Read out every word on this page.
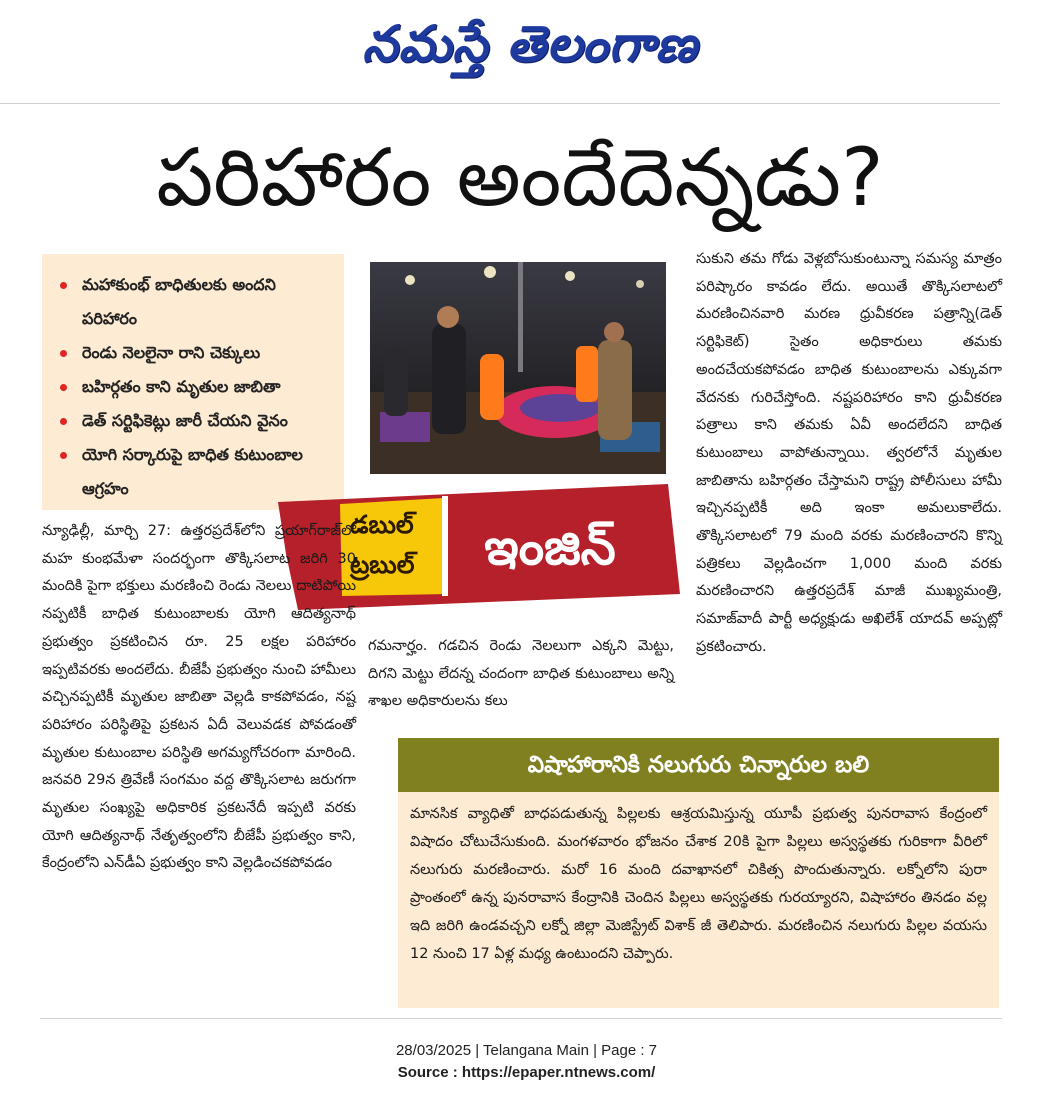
నమస్తే తెలంగాణ
పరిహారం అందేదెన్నడు?
మహాకుంభ్ బాధితులకు అందని పరిహారం
రెండు నెలలైనా రాని చెక్కులు
బహిర్గతం కాని మృతుల జాబితా
డెత్ సర్టిఫికెట్లు జారీ చేయని వైనం
యోగి సర్కారుపై బాధిత కుటుంబాల ఆగ్రహం
డబుల్
ట్రబుల్	ఇంజిన్
న్యూఢిల్లీ, మార్చి 27: ఉత్తరప్రదేశ్‌లోని ప్రయాగ్‌రాజ్‌లో మహ కుంభమేళా సందర్భంగా తొక్కిసలాట జరిగి 30 మందికి పైగా భక్తులు మరణించి రెండు నెలలు దాటిపోయి నప్పటికీ బాధిత కుటుంబాలకు యోగి ఆదిత్యనాథ్ ప్రభుత్వం ప్రకటించిన రూ. 25 లక్షల పరిహారం ఇప్పటివరకు అందలేదు. బీజేపీ ప్రభుత్వం నుంచి హామీలు వచ్చినప్పటికీ మృతుల జాబితా వెల్లడి కాకపోవడం, నష్ట పరిహారం పరిస్థితిపై ప్రకటన ఏదీ వెలువడక పోవడంతో మృతుల కుటుంబాల పరిస్థితి అగమ్యగోచరంగా మారింది. జనవరి 29న త్రివేణీ సంగమం వద్ద తొక్కిసలాట జరుగగా మృతుల సంఖ్యపై అధికారిక ప్రకటనేదీ ఇప్పటి వరకు యోగి ఆదిత్యనాథ్ నేతృత్వంలోని బీజేపీ ప్రభుత్వం కాని, కేంద్రంలోని ఎన్‌డీఏ ప్రభుత్వం కాని వెల్లడించకపోవడం
గమనార్హం. గడచిన రెండు నెలలుగా ఎక్కని మెట్టు, దిగని మెట్టు లేదన్న చందంగా బాధిత కుటుంబాలు అన్ని శాఖల అధికారులను కలు
సుకుని తమ గోడు వెళ్లబోసుకుంటున్నా సమస్య మాత్రం పరిష్కారం కావడం లేదు. అయితే తొక్కిసలాటలో మరణించినవారి మరణ ధ్రువీకరణ పత్రాన్ని(డెత్ సర్టిఫికెట్) సైతం అధికారులు తమకు అందచేయకపోవడం బాధిత కుటుంబాలను ఎక్కువగా వేదనకు గురిచేస్తోంది. నష్టపరిహారం కాని ధ్రువీకరణ పత్రాలు కాని తమకు ఏవీ అందలేదని బాధిత కుటుంబాలు వాపోతున్నాయి. త్వరలోనే మృతుల జాబితాను బహిర్గతం చేస్తామని రాష్ట్ర పోలీసులు హామీ ఇచ్చినప్పటికీ అది ఇంకా అమలుకాలేదు. తొక్కిసలాటలో 79 మంది వరకు మరణించారని కొన్ని పత్రికలు వెల్లడించగా 1,000 మంది వరకు మరణించారని ఉత్తరప్రదేశ్ మాజీ ముఖ్యమంత్రి, సమాజ్‌వాదీ పార్టీ అధ్యక్షుడు అఖిలేశ్ యాదవ్ అప్పట్లో ప్రకటించారు.
విషాహారానికి నలుగురు చిన్నారుల బలి

మానసిక వ్యాధితో బాధపడుతున్న పిల్లలకు ఆశ్రయమిస్తున్న యూపీ ప్రభుత్వ పునరావాస కేంద్రంలో విషాదం చోటుచేసుకుంది. మంగళవారం భోజనం చేశాక 20కి పైగా పిల్లలు అస్వస్థతకు గురికాగా వీరిలో నలుగురు మరణించారు. మరో 16 మంది దవాఖానలో చికిత్స పొందుతున్నారు. లక్నోలోని పురా ప్రాంతంలో ఉన్న పునరావాస కేంద్రానికి చెందిన పిల్లలు అస్వస్థతకు గురయ్యారని, విషాహారం తినడం వల్ల ఇది జరిగి ఉండవచ్చని లక్నో జిల్లా మెజిస్ట్రేట్ విశాక్ జీ తెలిపారు. మరణించిన నలుగురు పిల్లల వయసు 12 నుంచి 17 ఏళ్ల మధ్య ఉంటుందని చెప్పారు.

28/03/2025 | Telangana Main | Page : 7
Source : https://epaper.ntnews.com/
